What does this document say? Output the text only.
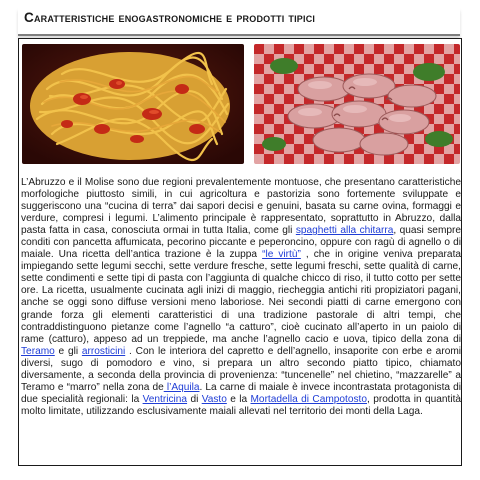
Caratteristiche enogastronomiche e prodotti tipici

L’Abruzzo e il Molise sono due regioni prevalentemente montuose, che presentano caratteristiche morfologiche piuttosto simili, in cui agricoltura e pastorizia sono fortemente sviluppate e suggeriscono una “cucina di terra” dai sapori decisi e genuini, basata su carne ovina, formaggi e verdure, compresi i legumi. L’alimento principale è rappresentato, soprattutto in Abruzzo, dalla pasta fatta in casa, conosciuta ormai in tutta Italia, come gli spaghetti alla chitarra, quasi sempre conditi con pancetta affumicata, pecorino piccante e peperoncino, oppure con ragù di agnello o di maiale. Una ricetta dell’antica trazione è la zuppa “le virtù” , che in origine veniva preparata impiegando sette legumi secchi, sette verdure fresche, sette legumi freschi, sette qualità di carne, sette condimenti e sette tipi di pasta con l’aggiunta di qualche chicco di riso, il tutto cotto per sette ore. La ricetta, usualmente cucinata agli inizi di maggio, riecheggia antichi riti propiziatori pagani, anche se oggi sono diffuse versioni meno laboriose. Nei secondi piatti di carne emergono con grande forza gli elementi caratteristici di una tradizione pastorale di altri tempi, che contraddistinguono pietanze come l’agnello “a catturo”, cioè cucinato all’aperto in un paiolo di rame (catturo), appeso ad un treppiede, ma anche l’agnello cacio e uova, tipico della zona di Teramo e gli arrosticini . Con le interiora del capretto e dell’agnello, insaporite con erbe e aromi diversi, sugo di pomodoro e vino, si prepara un altro secondo piatto tipico, chiamato diversamente, a seconda della provincia di provenienza: “tuncenelle” nel chietino, “mazzarelle” a Teramo e “marro” nella zona de l’Aquila. La carne di maiale è invece incontrastata protagonista di due specialità regionali: la Ventricina di Vasto e la Mortadella di Campotosto, prodotta in quantità molto limitate, utilizzando esclusivamente maiali allevati nel territorio dei monti della Laga.
